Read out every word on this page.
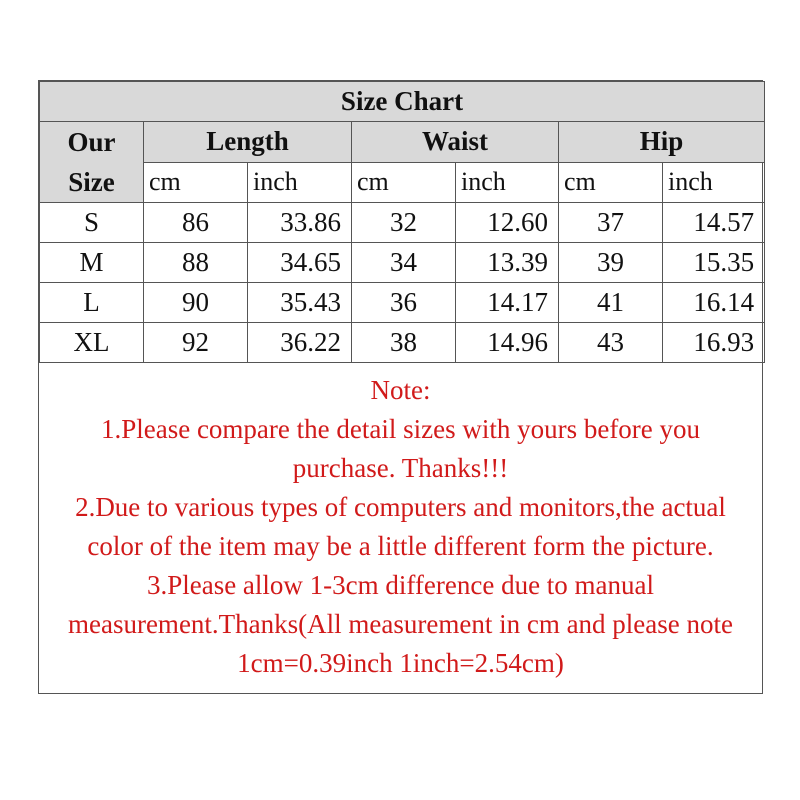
Size Chart						

Our
Size	Length		Waist		Hip	
	cm	inch	cm	inch	cm	inch
S	86	33.86	32	12.60	37	14.57
M	88	34.65	34	13.39	39	15.35
L	90	35.43	36	14.17	41	16.14
XL	92	36.22	38	14.96	43	16.93

Note:

1.Please compare the detail sizes with yours before you purchase. Thanks!!!

2.Due to various types of computers and monitors,the actual color of the item may be a little different form the picture.

3.Please allow 1-3cm difference due to manual measurement.Thanks(All measurement in cm and please note 1cm=0.39inch 1inch=2.54cm)
